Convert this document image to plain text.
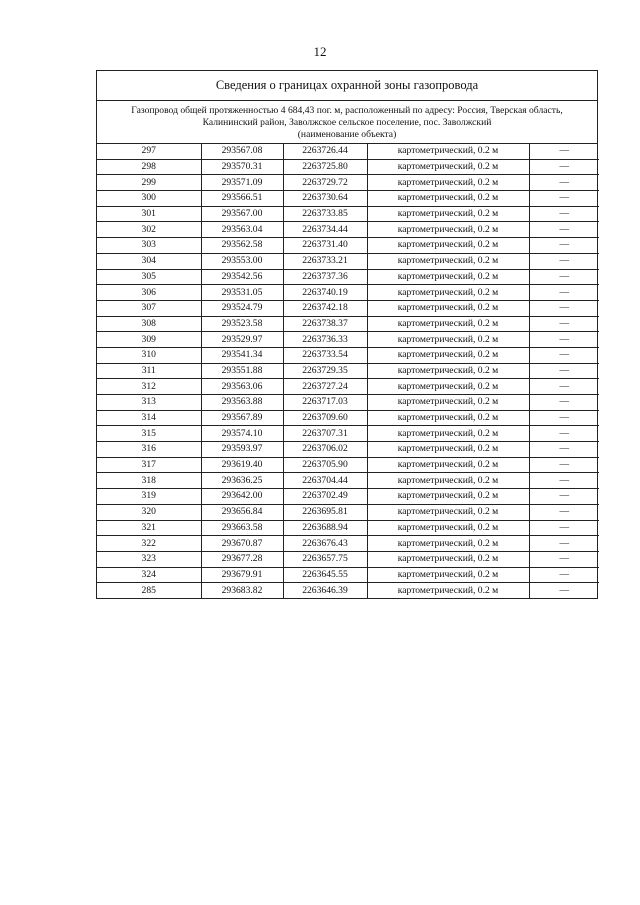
12
Сведения о границах охранной зоны газопровода
Газопровод общей протяженностью 4 684,43 пог. м, расположенный по адресу: Россия, Тверская область,
Калининский район, Заволжское сельское поселение, пос. Заволжский
(наименование объекта)
297	293567.08	2263726.44	картометрический, 0.2 м	—
298	293570.31	2263725.80	картометрический, 0.2 м	—
299	293571.09	2263729.72	картометрический, 0.2 м	—
300	293566.51	2263730.64	картометрический, 0.2 м	—
301	293567.00	2263733.85	картометрический, 0.2 м	—
302	293563.04	2263734.44	картометрический, 0.2 м	—
303	293562.58	2263731.40	картометрический, 0.2 м	—
304	293553.00	2263733.21	картометрический, 0.2 м	—
305	293542.56	2263737.36	картометрический, 0.2 м	—
306	293531.05	2263740.19	картометрический, 0.2 м	—
307	293524.79	2263742.18	картометрический, 0.2 м	—
308	293523.58	2263738.37	картометрический, 0.2 м	—
309	293529.97	2263736.33	картометрический, 0.2 м	—
310	293541.34	2263733.54	картометрический, 0.2 м	—
311	293551.88	2263729.35	картометрический, 0.2 м	—
312	293563.06	2263727.24	картометрический, 0.2 м	—
313	293563.88	2263717.03	картометрический, 0.2 м	—
314	293567.89	2263709.60	картометрический, 0.2 м	—
315	293574.10	2263707.31	картометрический, 0.2 м	—
316	293593.97	2263706.02	картометрический, 0.2 м	—
317	293619.40	2263705.90	картометрический, 0.2 м	—
318	293636.25	2263704.44	картометрический, 0.2 м	—
319	293642.00	2263702.49	картометрический, 0.2 м	—
320	293656.84	2263695.81	картометрический, 0.2 м	—
321	293663.58	2263688.94	картометрический, 0.2 м	—
322	293670.87	2263676.43	картометрический, 0.2 м	—
323	293677.28	2263657.75	картометрический, 0.2 м	—
324	293679.91	2263645.55	картометрический, 0.2 м	—
285	293683.82	2263646.39	картометрический, 0.2 м	—
